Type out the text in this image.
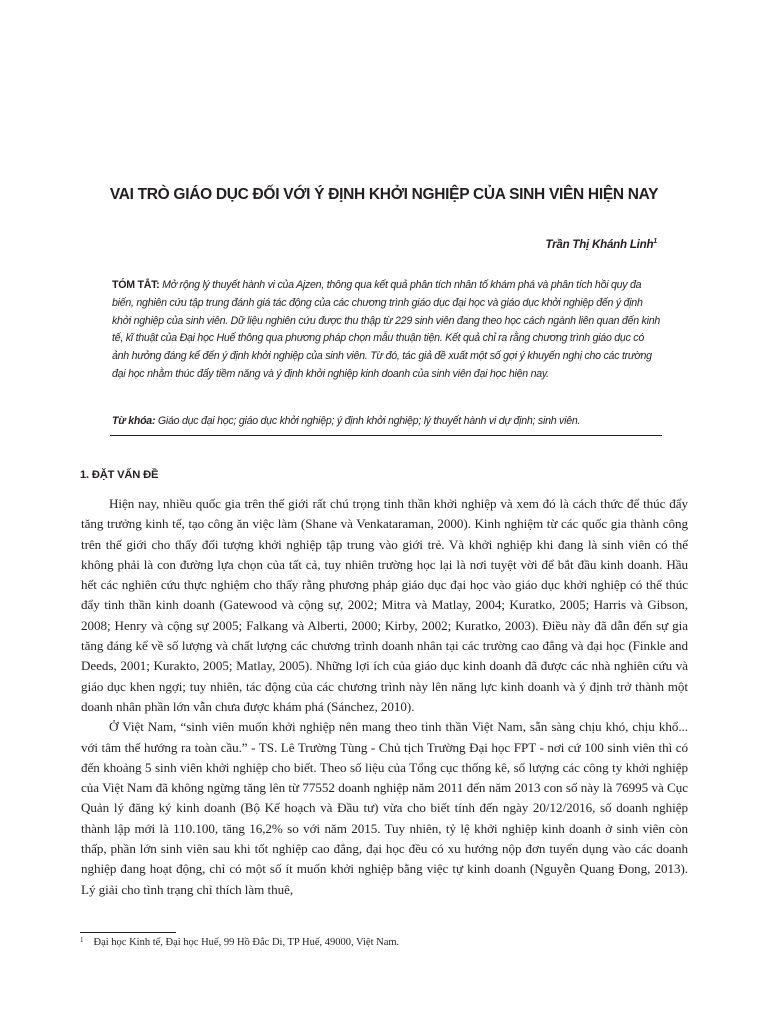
VAI TRÒ GIÁO DỤC ĐỐI VỚI Ý ĐỊNH KHỞI NGHIỆP CỦA SINH VIÊN HIỆN NAY
Trần Thị Khánh Linh$^1$
TÓM TẮT: Mở rộng lý thuyết hành vi của Ajzen, thông qua kết quả phân tích nhân tố khám phá và phân tích hồi quy đa biến, nghiên cứu tập trung đánh giá tác động của các chương trình giáo dục đại học và giáo dục khởi nghiệp đến ý định khởi nghiệp của sinh viên. Dữ liệu nghiên cứu được thu thập từ 229 sinh viên đang theo học cách ngành liên quan đến kinh tế, kĩ thuật của Đại học Huế thông qua phương pháp chọn mẫu thuận tiện. Kết quả chỉ ra rằng chương trình giáo dục có ảnh hưởng đáng kể đến ý định khởi nghiệp của sinh viên. Từ đó, tác giả đề xuất một số gợi ý khuyến nghị cho các trường đại học nhằm thúc đẩy tiềm năng và ý định khởi nghiệp kinh doanh của sinh viên đại học hiện nay.
Từ khóa: Giáo dục đại học; giáo dục khởi nghiệp; ý định khởi nghiệp; lý thuyết hành vi dự định; sinh viên.
1. ĐẶT VẤN ĐỀ

Hiện nay, nhiều quốc gia trên thế giới rất chú trọng tinh thần khởi nghiệp và xem đó là cách thức để thúc đẩy tăng trưởng kinh tế, tạo công ăn việc làm (Shane và Venkataraman, 2000). Kinh nghiệm từ các quốc gia thành công trên thế giới cho thấy đối tượng khởi nghiệp tập trung vào giới trẻ. Và khởi nghiệp khi đang là sinh viên có thể không phải là con đường lựa chọn của tất cả, tuy nhiên trường học lại là nơi tuyệt vời để bắt đầu kinh doanh. Hầu hết các nghiên cứu thực nghiệm cho thấy rằng phương pháp giáo dục đại học vào giáo dục khởi nghiệp có thể thúc đẩy tinh thần kinh doanh (Gatewood và cộng sự, 2002; Mitra và Matlay, 2004; Kuratko, 2005; Harris và Gibson, 2008; Henry và cộng sự 2005; Falkang và Alberti, 2000; Kirby, 2002; Kuratko, 2003). Điều này đã dẫn đến sự gia tăng đáng kể về số lượng và chất lượng các chương trình doanh nhân tại các trường cao đẳng và đại học (Finkle and Deeds, 2001; Kurakto, 2005; Matlay, 2005). Những lợi ích của giáo dục kinh doanh đã được các nhà nghiên cứu và giáo dục khen ngợi; tuy nhiên, tác động của các chương trình này lên năng lực kinh doanh và ý định trở thành một doanh nhân phần lớn vẫn chưa được khám phá (Sánchez, 2010).

Ở Việt Nam, “sinh viên muốn khởi nghiệp nên mang theo tinh thần Việt Nam, sẵn sàng chịu khó, chịu khổ... với tâm thế hướng ra toàn cầu.” - TS. Lê Trường Tùng - Chủ tịch Trường Đại học FPT - nơi cứ 100 sinh viên thì có đến khoảng 5 sinh viên khởi nghiệp cho biết. Theo số liệu của Tổng cục thống kê, số lượng các công ty khởi nghiệp của Việt Nam đã không ngừng tăng lên từ 77552 doanh nghiệp năm 2011 đến năm 2013 con số này là 76995 và Cục Quản lý đăng ký kinh doanh (Bộ Kế hoạch và Đầu tư) vừa cho biết tính đến ngày 20/12/2016, số doanh nghiệp thành lập mới là 110.100, tăng 16,2% so với năm 2015. Tuy nhiên, tỷ lệ khởi nghiệp kinh doanh ở sinh viên còn thấp, phần lớn sinh viên sau khi tốt nghiệp cao đẳng, đại học đều có xu hướng nộp đơn tuyển dụng vào các doanh nghiệp đang hoạt động, chỉ có một số ít muốn khởi nghiệp bằng việc tự kinh doanh (Nguyễn Quang Đong, 2013). Lý giải cho tình trạng chỉ thích làm thuê,

$^1$ Đại học Kinh tế, Đại học Huế, 99 Hồ Đắc Di, TP Huế, 49000, Việt Nam.
